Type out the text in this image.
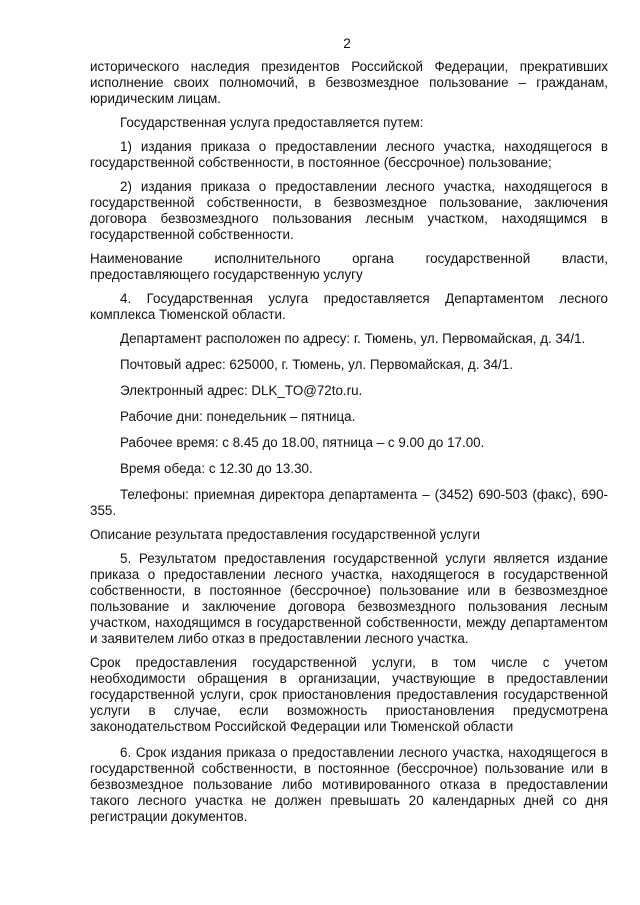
2

исторического наследия президентов Российской Федерации, прекративших исполнение своих полномочий, в безвозмездное пользование – гражданам, юридическим лицам.

Государственная услуга предоставляется путем:

1) издания приказа о предоставлении лесного участка, находящегося в государственной собственности, в постоянное (бессрочное) пользование;

2) издания приказа о предоставлении лесного участка, находящегося в государственной собственности, в безвозмездное пользование, заключения договора безвозмездного пользования лесным участком, находящимся в государственной собственности.

Наименование исполнительного органа государственной власти, предоставляющего государственную услугу

4. Государственная услуга предоставляется Департаментом лесного комплекса Тюменской области.

Департамент расположен по адресу: г. Тюмень, ул. Первомайская, д. 34/1.

Почтовый адрес: 625000, г. Тюмень, ул. Первомайская, д. 34/1.

Электронный адрес: DLK_TO@72to.ru.

Рабочие дни: понедельник – пятница.

Рабочее время: с 8.45 до 18.00, пятница – с 9.00 до 17.00.

Время обеда: с 12.30 до 13.30.

Телефоны: приемная директора департамента – (3452) 690-503 (факс), 690-355.

Описание результата предоставления государственной услуги

5. Результатом предоставления государственной услуги является издание приказа о предоставлении лесного участка, находящегося в государственной собственности, в постоянное (бессрочное) пользование или в безвозмездное пользование и заключение договора безвозмездного пользования лесным участком, находящимся в государственной собственности, между департаментом и заявителем либо отказ в предоставлении лесного участка.

Срок предоставления государственной услуги, в том числе с учетом необходимости обращения в организации, участвующие в предоставлении государственной услуги, срок приостановления предоставления государственной услуги в случае, если возможность приостановления предусмотрена законодательством Российской Федерации или Тюменской области

6. Срок издания приказа о предоставлении лесного участка, находящегося в государственной собственности, в постоянное (бессрочное) пользование или в безвозмездное пользование либо мотивированного отказа в предоставлении такого лесного участка не должен превышать 20 календарных дней со дня регистрации документов.
